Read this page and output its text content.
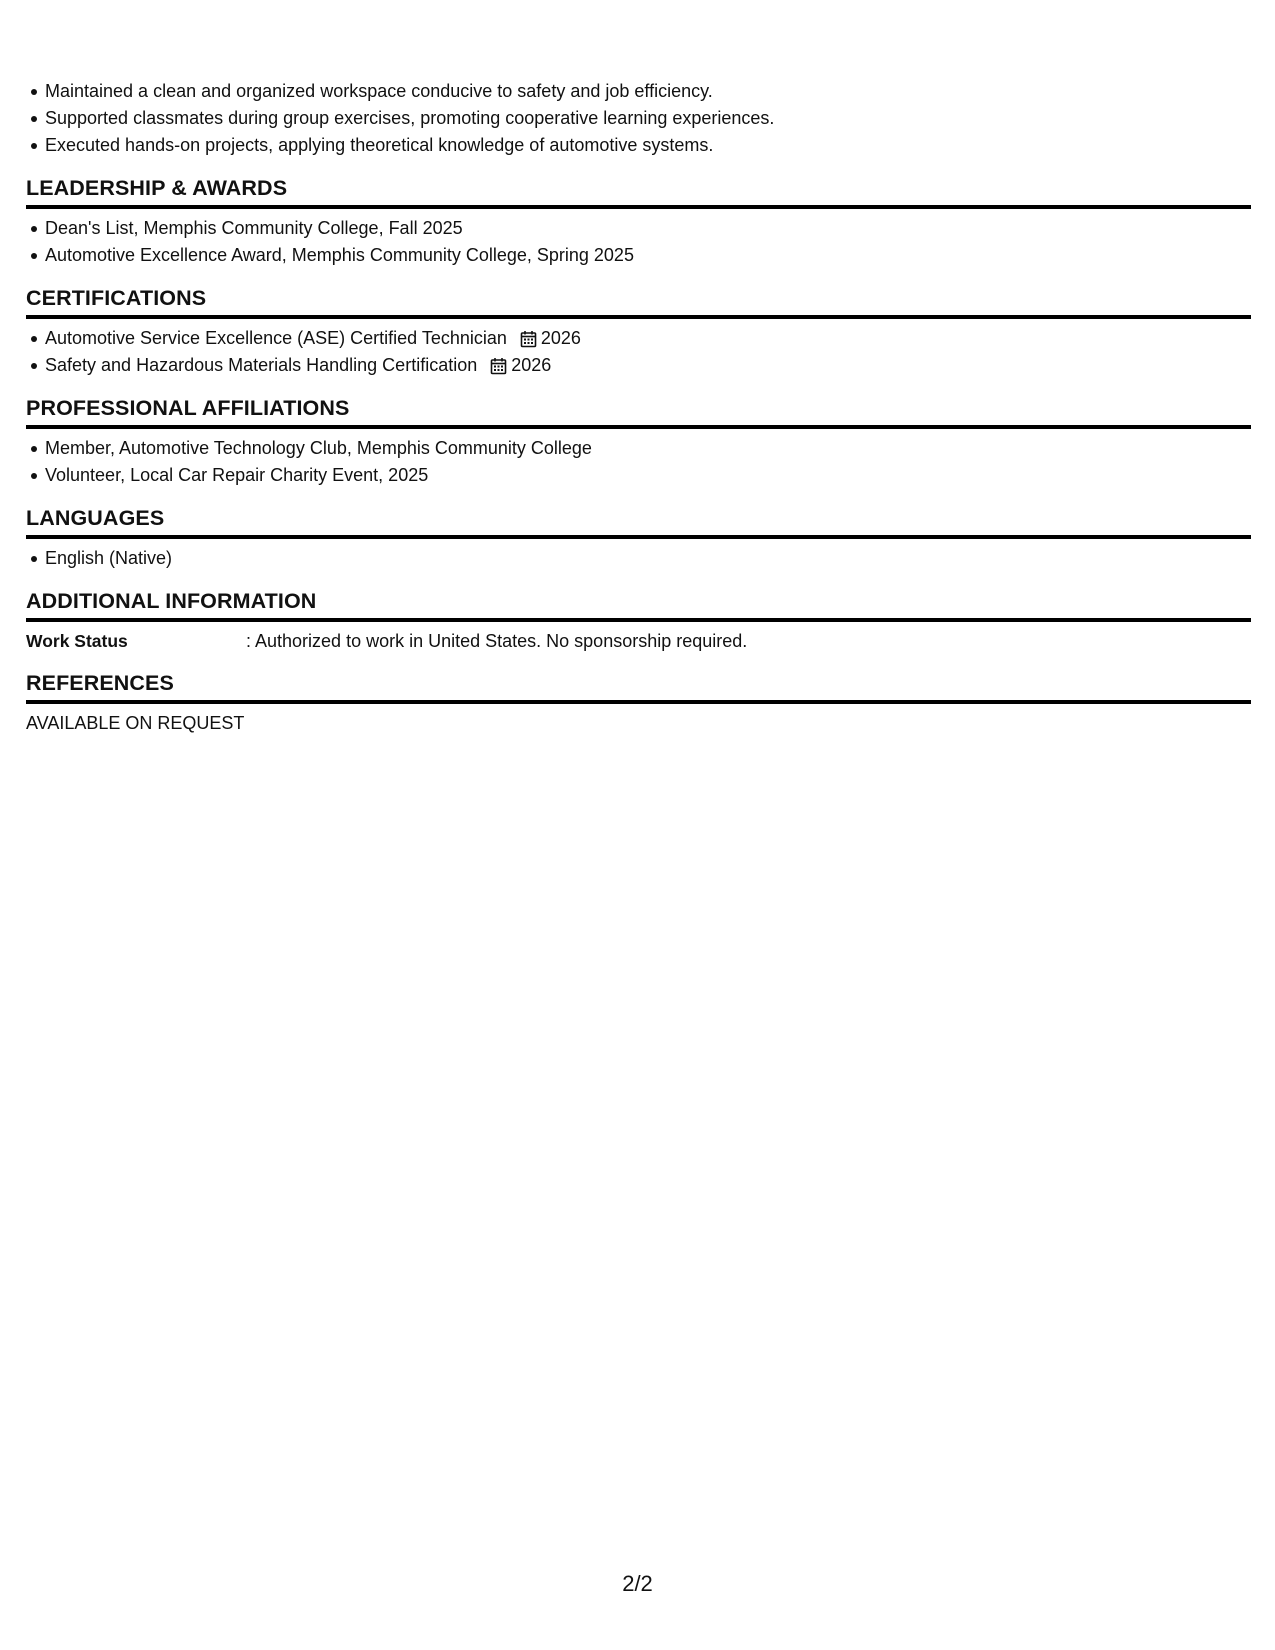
Maintained a clean and organized workspace conducive to safety and job efficiency.
Supported classmates during group exercises, promoting cooperative learning experiences.
Executed hands-on projects, applying theoretical knowledge of automotive systems.
LEADERSHIP & AWARDS
Dean's List, Memphis Community College, Fall 2025
Automotive Excellence Award, Memphis Community College, Spring 2025
CERTIFICATIONS
Automotive Service Excellence (ASE) Certified Technician 2026
Safety and Hazardous Materials Handling Certification 2026
PROFESSIONAL AFFILIATIONS
Member, Automotive Technology Club, Memphis Community College
Volunteer, Local Car Repair Charity Event, 2025
LANGUAGES
English (Native)
ADDITIONAL INFORMATION
Work Status	: Authorized to work in United States. No sponsorship required.
REFERENCES
AVAILABLE ON REQUEST
2/2
